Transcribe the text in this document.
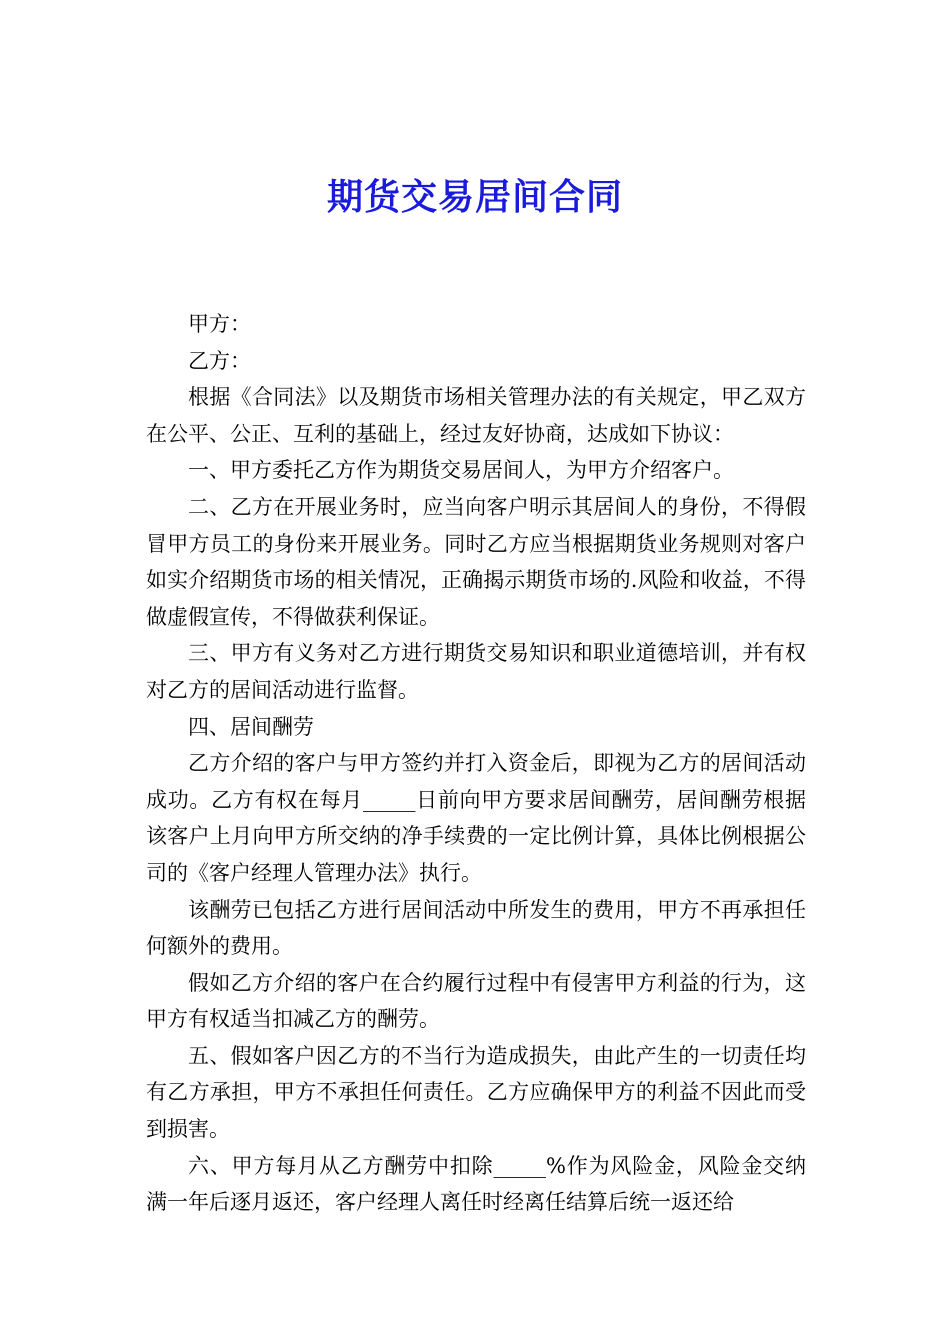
期货交易居间合同

甲方：

乙方：

根据《合同法》以及期货市场相关管理办法的有关规定，甲乙双方在公平、公正、互利的基础上，经过友好协商，达成如下协议：

一、甲方委托乙方作为期货交易居间人，为甲方介绍客户。

二、乙方在开展业务时，应当向客户明示其居间人的身份，不得假冒甲方员工的身份来开展业务。同时乙方应当根据期货业务规则对客户如实介绍期货市场的相关情况，正确揭示期货市场的.风险和收益，不得做虚假宣传，不得做获利保证。

三、甲方有义务对乙方进行期货交易知识和职业道德培训，并有权对乙方的居间活动进行监督。

四、居间酬劳

乙方介绍的客户与甲方签约并打入资金后，即视为乙方的居间活动成功。乙方有权在每月_____日前向甲方要求居间酬劳，居间酬劳根据该客户上月向甲方所交纳的净手续费的一定比例计算，具体比例根据公司的《客户经理人管理办法》执行。

该酬劳已包括乙方进行居间活动中所发生的费用，甲方不再承担任何额外的费用。

假如乙方介绍的客户在合约履行过程中有侵害甲方利益的行为，这甲方有权适当扣减乙方的酬劳。

五、假如客户因乙方的不当行为造成损失，由此产生的一切责任均有乙方承担，甲方不承担任何责任。乙方应确保甲方的利益不因此而受到损害。

六、甲方每月从乙方酬劳中扣除_____%作为风险金，风险金交纳满一年后逐月返还，客户经理人离任时经离任结算后统一返还给
